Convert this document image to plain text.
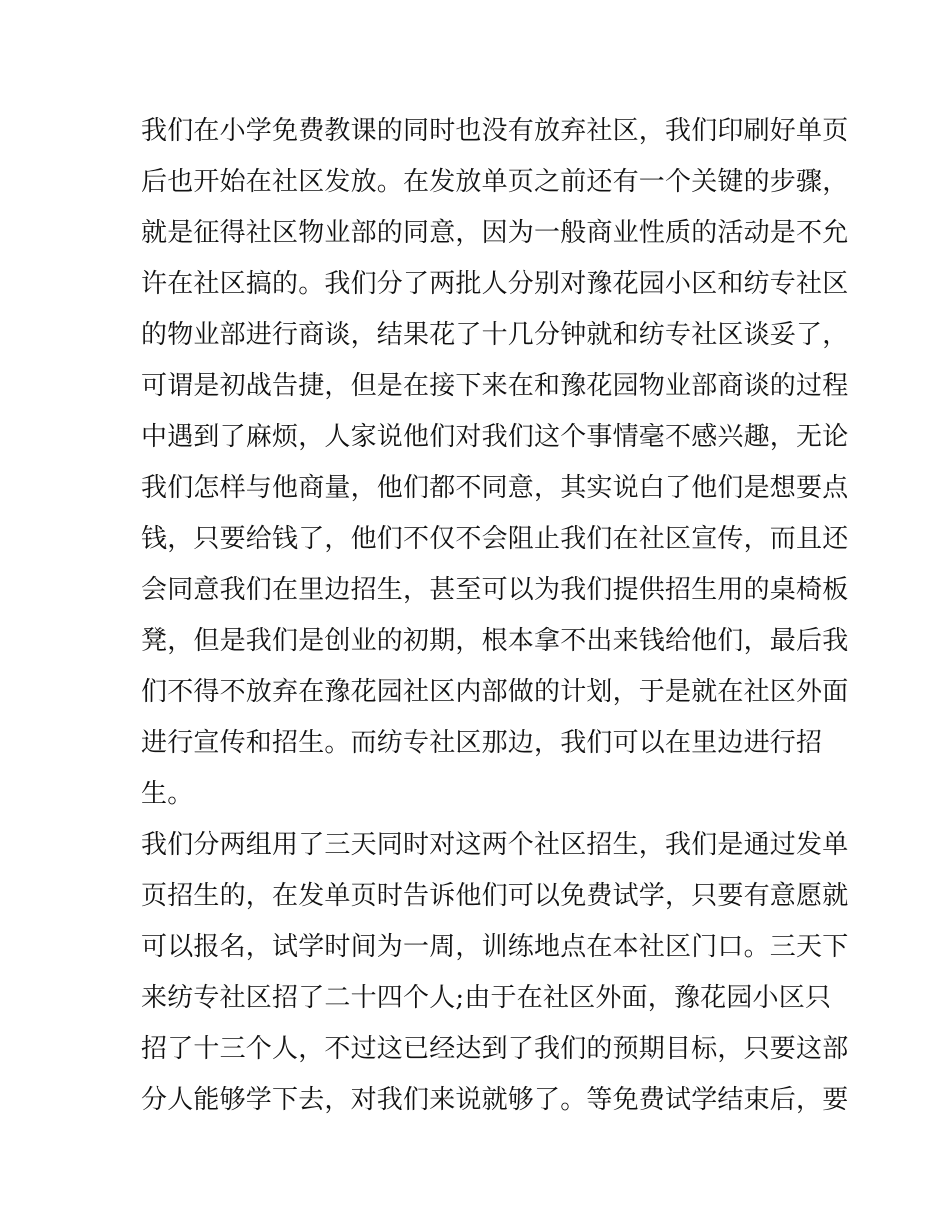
我们在小学免费教课的同时也没有放弃社区，我们印刷好单页
后也开始在社区发放。在发放单页之前还有一个关键的步骤，
就是征得社区物业部的同意，因为一般商业性质的活动是不允
许在社区搞的。我们分了两批人分别对豫花园小区和纺专社区
的物业部进行商谈，结果花了十几分钟就和纺专社区谈妥了，
可谓是初战告捷，但是在接下来在和豫花园物业部商谈的过程
中遇到了麻烦，人家说他们对我们这个事情毫不感兴趣，无论
我们怎样与他商量，他们都不同意，其实说白了他们是想要点
钱，只要给钱了，他们不仅不会阻止我们在社区宣传，而且还
会同意我们在里边招生，甚至可以为我们提供招生用的桌椅板
凳，但是我们是创业的初期，根本拿不出来钱给他们，最后我
们不得不放弃在豫花园社区内部做的计划，于是就在社区外面
进行宣传和招生。而纺专社区那边，我们可以在里边进行招
生。
我们分两组用了三天同时对这两个社区招生，我们是通过发单
页招生的，在发单页时告诉他们可以免费试学，只要有意愿就
可以报名，试学时间为一周，训练地点在本社区门口。三天下
来纺专社区招了二十四个人;由于在社区外面，豫花园小区只
招了十三个人，不过这已经达到了我们的预期目标，只要这部
分人能够学下去，对我们来说就够了。等免费试学结束后，要
